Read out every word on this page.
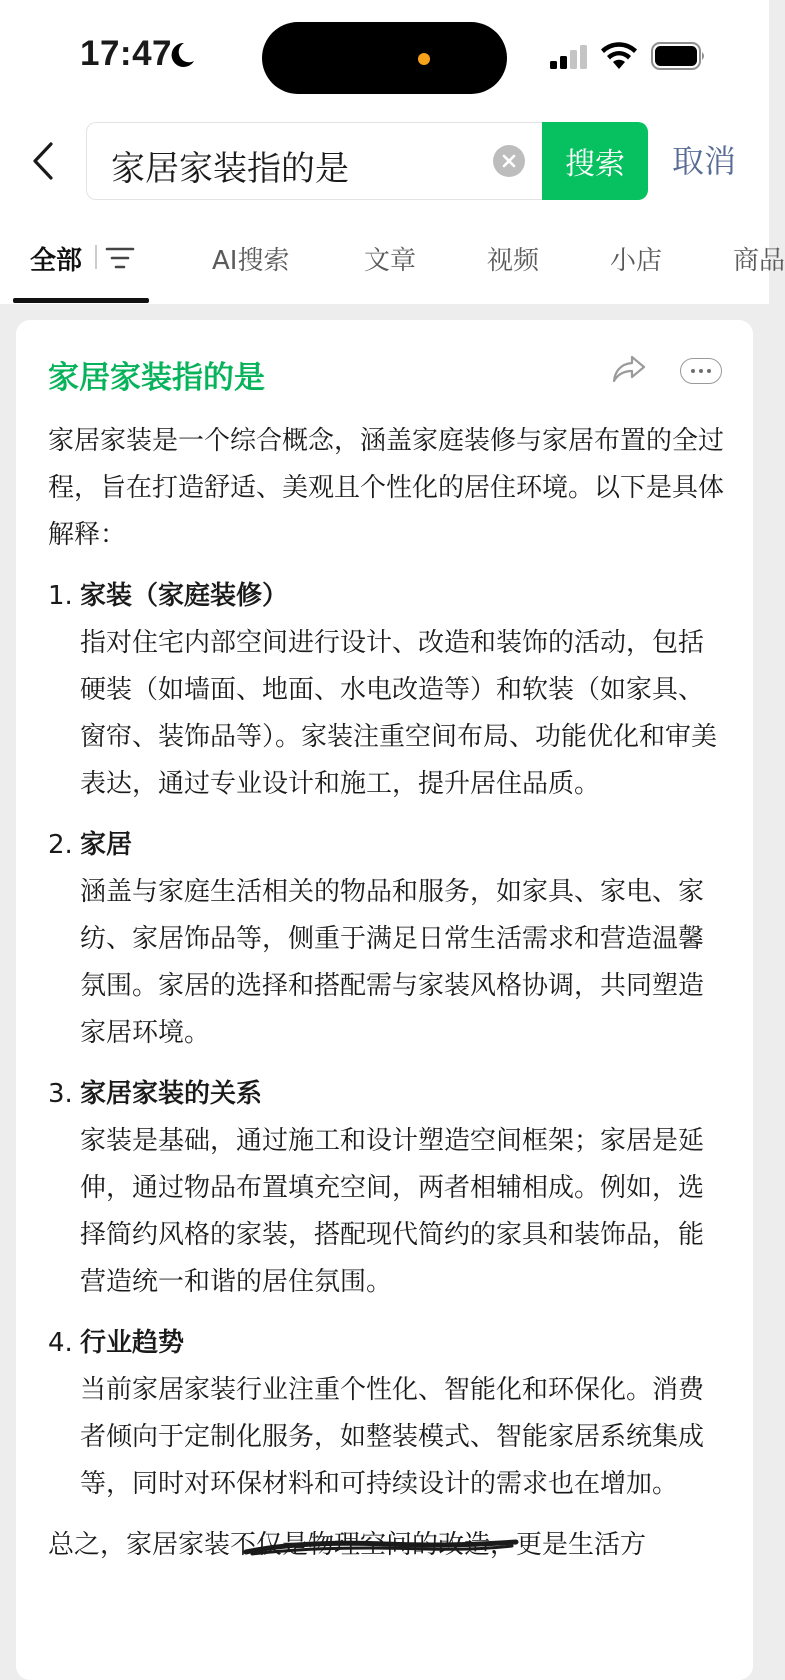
17:47
家居家装指的是	搜索	取消
全部	AI搜索	文章	视频	小店	商品
家居家装指的是
家居家装是一个综合概念，涵盖家庭装修与家居布置的全过程，旨在打造舒适、美观且个性化的居住环境。以下是具体解释：
1. 家装（家庭装修）
指对住宅内部空间进行设计、改造和装饰的活动，包括硬装（如墙面、地面、水电改造等）和软装（如家具、窗帘、装饰品等）。家装注重空间布局、功能优化和审美表达，通过专业设计和施工，提升居住品质。
2. 家居
涵盖与家庭生活相关的物品和服务，如家具、家电、家纺、家居饰品等，侧重于满足日常生活需求和营造温馨氛围。家居的选择和搭配需与家装风格协调，共同塑造家居环境。
3. 家居家装的关系
家装是基础，通过施工和设计塑造空间框架；家居是延伸，通过物品布置填充空间，两者相辅相成。例如，选择简约风格的家装，搭配现代简约的家具和装饰品，能营造统一和谐的居住氛围。
4. 行业趋势
当前家居家装行业注重个性化、智能化和环保化。消费者倾向于定制化服务，如整装模式、智能家居系统集成等，同时对环保材料和可持续设计的需求也在增加。
总之，家居家装不仅是物理空间的改造，更是生活方
